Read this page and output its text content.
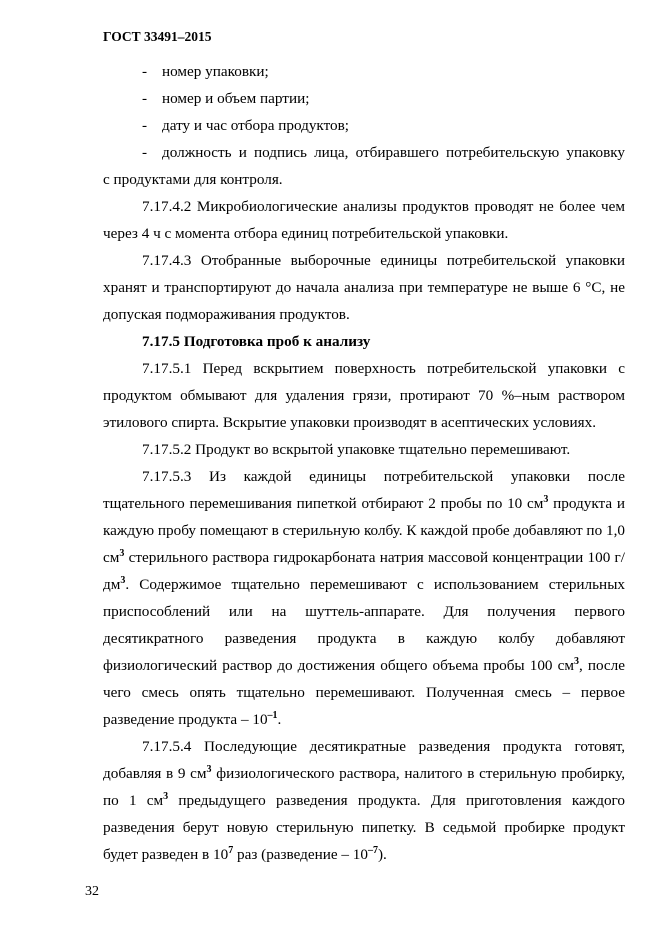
ГОСТ 33491–2015
- номер упаковки;
- номер и объем партии;
- дату и час отбора продуктов;
- должность и подпись лица, отбиравшего потребительскую упаковку

с продуктами для контроля.

7.17.4.2 Микробиологические анализы продуктов проводят не более чем через 4 ч с момента отбора единиц потребительской упаковки.

7.17.4.3 Отобранные выборочные единицы потребительской упаковки хранят и транспортируют до начала анализа при температуре не выше 6 °С, не допуская подмораживания продуктов.

7.17.5 Подготовка проб к анализу

7.17.5.1 Перед вскрытием поверхность потребительской упаковки с продуктом обмывают для удаления грязи, протирают 70 %–ным раствором этилового спирта. Вскрытие упаковки производят в асептических условиях.

7.17.5.2 Продукт во вскрытой упаковке тщательно перемешивают.

7.17.5.3 Из каждой единицы потребительской упаковки после тщательного перемешивания пипеткой отбирают 2 пробы по 10 $см^3$ продукта и каждую пробу помещают в стерильную колбу. К каждой пробе добавляют по 1,0 $см^3$ стерильного раствора гидрокарбоната натрия массовой концентрации 100 $г/дм^3$. Содержимое тщательно перемешивают с использованием стерильных приспособлений или на шуттель-аппарате. Для получения первого десятикратного разведения продукта в каждую колбу добавляют физиологический раствор до достижения общего объема пробы 100 $см^3$, после чего смесь опять тщательно перемешивают. Полученная смесь – первое разведение продукта – $10^{-1}$.

7.17.5.4 Последующие десятикратные разведения продукта готовят, добавляя в 9 $см^3$ физиологического раствора, налитого в стерильную пробирку, по 1 $см^3$ предыдущего разведения продукта. Для приготовления каждого разведения берут новую стерильную пипетку. В седьмой пробирке продукт будет разведен в $10^7$ раз (разведение – $10^{-7}$).

32
